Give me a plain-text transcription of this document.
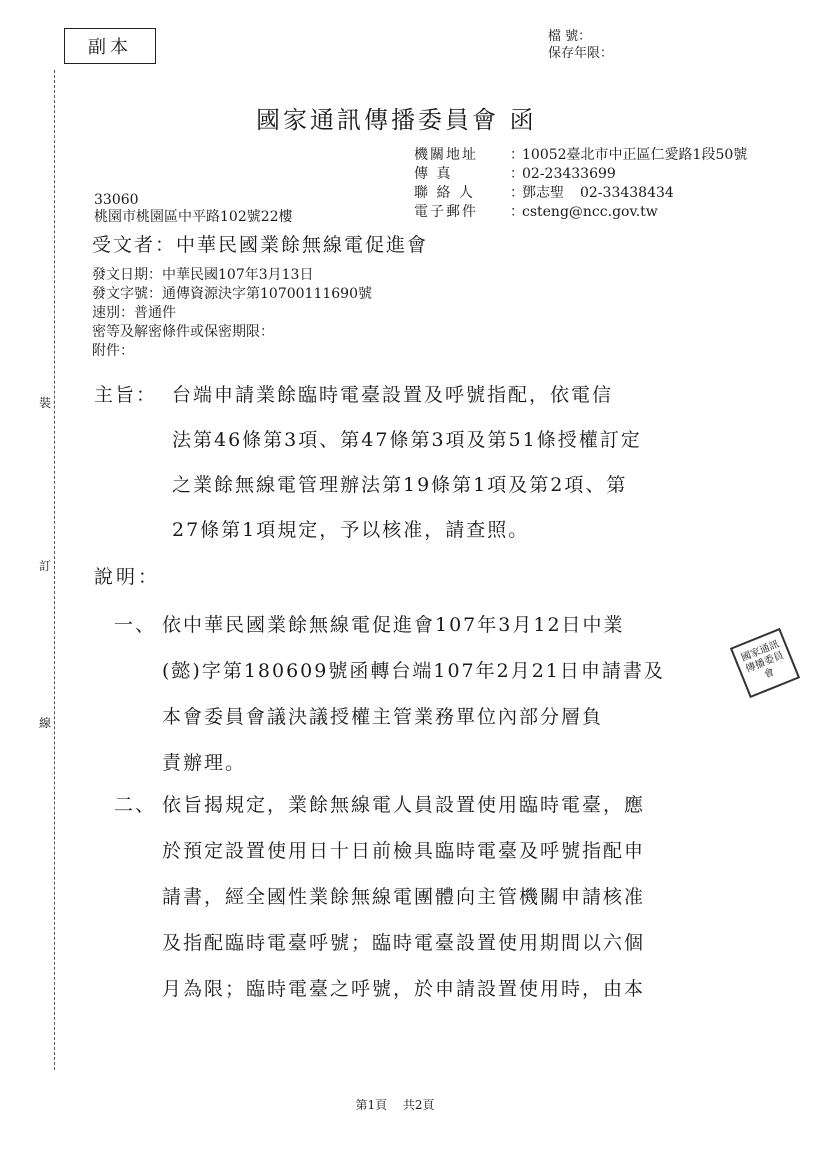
副本
檔 號：
保存年限：
國家通訊傳播委員會 函
機關地址	：
10052臺北市中正區仁愛路1段50號
傳 真	：
02-23433699
聯 絡 人	：
鄧志聖 02-33438434
電子郵件	：
csteng@ncc.gov.tw
33060
桃園市桃園區中平路102號22樓
受文者：中華民國業餘無線電促進會
發文日期：中華民國107年3月13日
發文字號：通傳資源決字第10700111690號
速別：普通件
密等及解密條件或保密期限：
附件：
主旨： 台端申請業餘臨時電臺設置及呼號指配，依電信
法第46條第3項、第47條第3項及第51條授權訂定
之業餘無線電管理辦法第19條第1項及第2項、第
27條第1項規定，予以核准，請查照。
說明：
一、 依中華民國業餘無線電促進會107年3月12日中業
(懿)字第180609號函轉台端107年2月21日申請書及
本會委員會議決議授權主管業務單位內部分層負
責辦理。
二、 依旨揭規定，業餘無線電人員設置使用臨時電臺，應
於預定設置使用日十日前檢具臨時電臺及呼號指配申
請書，經全國性業餘無線電團體向主管機關申請核准
及指配臨時電臺呼號；臨時電臺設置使用期間以六個
月為限；臨時電臺之呼號，於申請設置使用時，由本
裝
訂
線
國家通訊傳播委員會
第1頁 共2頁
